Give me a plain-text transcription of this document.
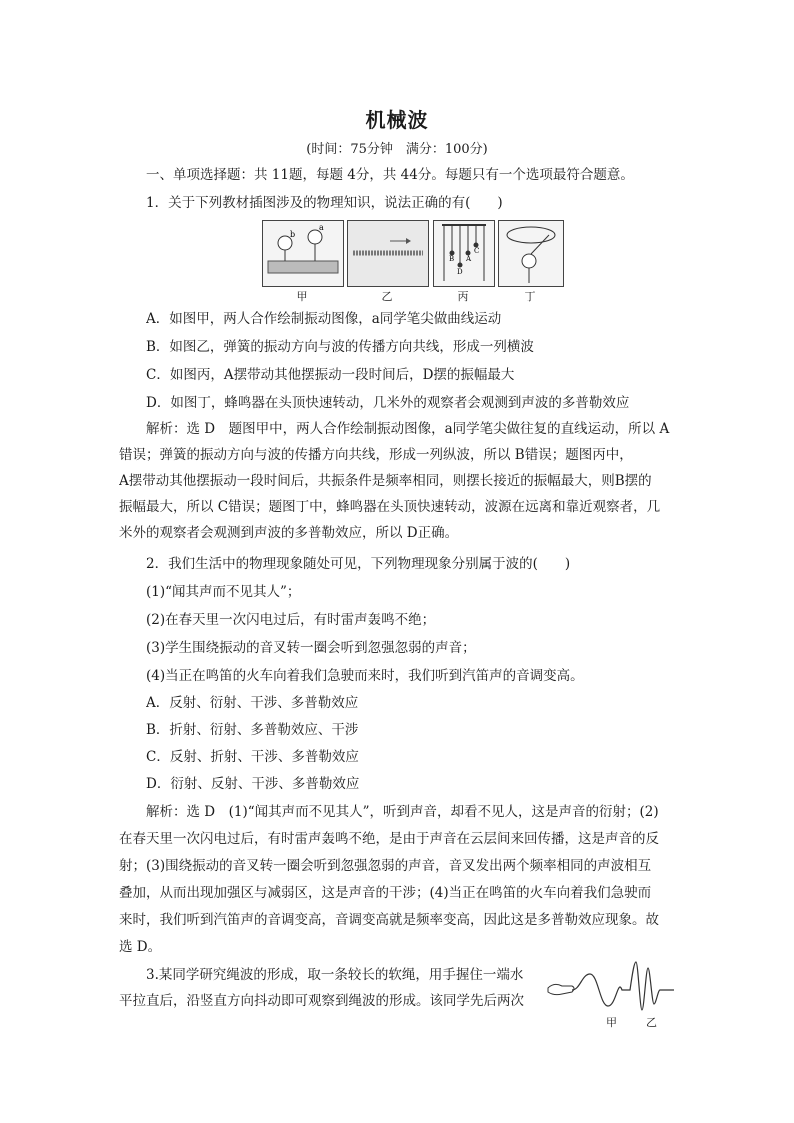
机械波
(时间：75分钟　满分：100分)
一、单项选择题：共 11题，每题 4分，共 44分。每题只有一个选项最符合题意。
1．关于下列教材插图涉及的物理知识，说法正确的有(　　)
a
b
B
C
A
D
甲	乙	丙	丁
A．如图甲，两人合作绘制振动图像，a同学笔尖做曲线运动
B．如图乙，弹簧的振动方向与波的传播方向共线，形成一列横波
C．如图丙，A摆带动其他摆振动一段时间后，D摆的振幅最大
D．如图丁，蜂鸣器在头顶快速转动，几米外的观察者会观测到声波的多普勒效应
解析：选 D　题图甲中，两人合作绘制振动图像，a同学笔尖做往复的直线运动，所以 A
错误；弹簧的振动方向与波的传播方向共线，形成一列纵波，所以 B错误；题图丙中，
A摆带动其他摆振动一段时间后，共振条件是频率相同，则摆长接近的振幅最大，则B摆的
振幅最大，所以 C错误；题图丁中，蜂鸣器在头顶快速转动，波源在远离和靠近观察者，几
米外的观察者会观测到声波的多普勒效应，所以 D正确。
2．我们生活中的物理现象随处可见，下列物理现象分别属于波的(　　)
(1)“闻其声而不见其人”；
(2)在春天里一次闪电过后，有时雷声轰鸣不绝；
(3)学生围绕振动的音叉转一圈会听到忽强忽弱的声音；
(4)当正在鸣笛的火车向着我们急驶而来时，我们听到汽笛声的音调变高。
A．反射、衍射、干涉、多普勒效应
B．折射、衍射、多普勒效应、干涉
C．反射、折射、干涉、多普勒效应
D．衍射、反射、干涉、多普勒效应
解析：选 D　(1)“闻其声而不见其人”，听到声音，却看不见人，这是声音的衍射；(2)
在春天里一次闪电过后，有时雷声轰鸣不绝，是由于声音在云层间来回传播，这是声音的反
射；(3)围绕振动的音叉转一圈会听到忽强忽弱的声音，音叉发出两个频率相同的声波相互
叠加，从而出现加强区与减弱区，这是声音的干涉；(4)当正在鸣笛的火车向着我们急驶而
来时，我们听到汽笛声的音调变高，音调变高就是频率变高，因此这是多普勒效应现象。故
选 D。
3.某同学研究绳波的形成，取一条较长的软绳，用手握住一端水
平拉直后，沿竖直方向抖动即可观察到绳波的形成。该同学先后两次
甲	乙
